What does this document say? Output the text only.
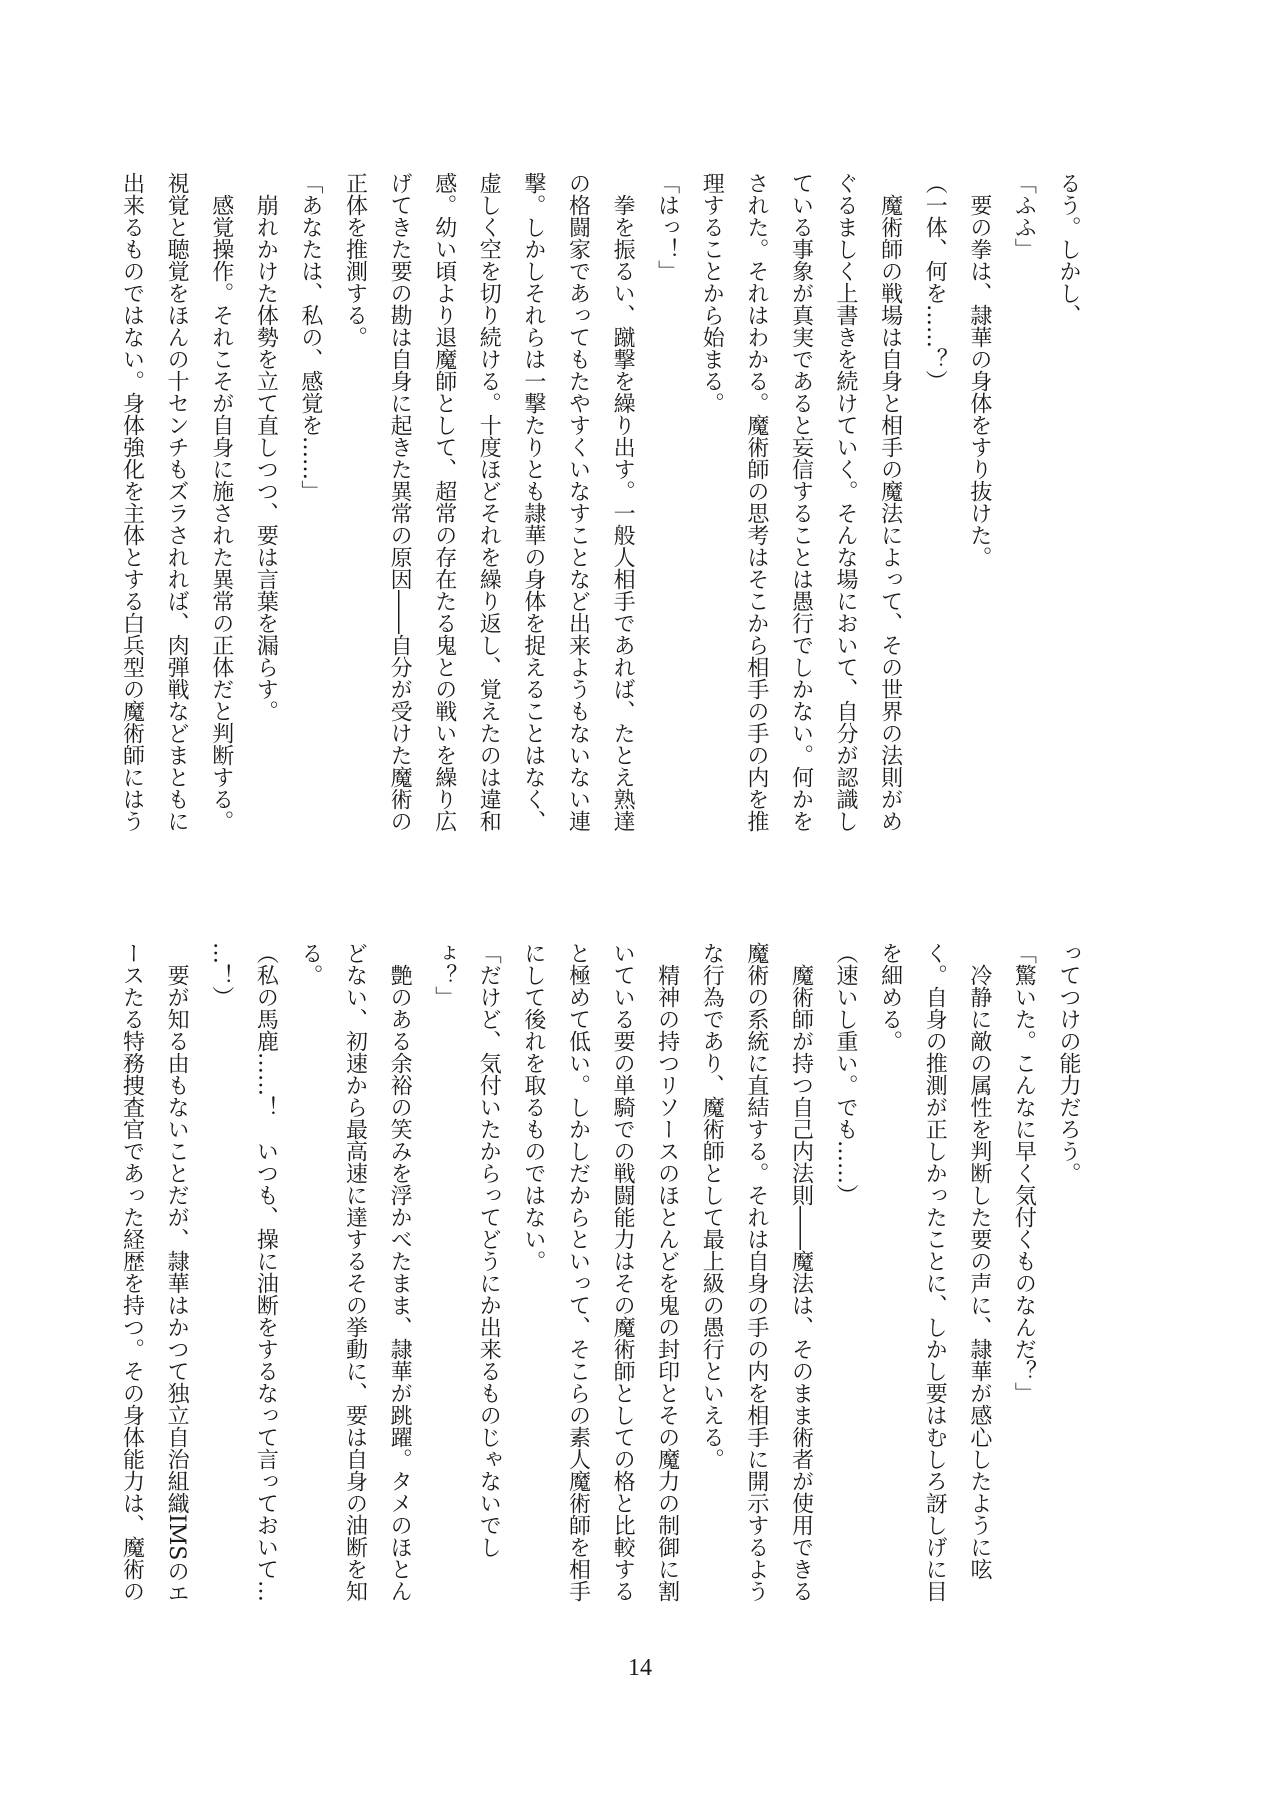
るう。しかし、
「ふふ」
　要の拳は、隷華の身体をすり抜けた。
（一体、何を……？）
　魔術師の戦場は自身と相手の魔法によって、その世界の法則がめ
ぐるましく上書きを続けていく。そんな場において、自分が認識し
ている事象が真実であると妄信することは愚行でしかない。何かを
された。それはわかる。魔術師の思考はそこから相手の手の内を推
理することから始まる。
「はっ！」
　拳を振るい、蹴撃を繰り出す。一般人相手であれば、たとえ熟達
の格闘家であってもたやすくいなすことなど出来ようもないない連
撃。しかしそれらは一撃たりとも隷華の身体を捉えることはなく、
虚しく空を切り続ける。十度ほどそれを繰り返し、覚えたのは違和
感。幼い頃より退魔師として、超常の存在たる鬼との戦いを繰り広
げてきた要の勘は自身に起きた異常の原因――自分が受けた魔術の
正体を推測する。
「あなたは、私の、感覚を……」
　崩れかけた体勢を立て直しつつ、要は言葉を漏らす。
　感覚操作。それこそが自身に施された異常の正体だと判断する。
視覚と聴覚をほんの十センチもズラされれば、肉弾戦などまともに
出来るものではない。身体強化を主体とする白兵型の魔術師にはう
ってつけの能力だろう。
「驚いた。こんなに早く気付くものなんだ？」
　冷静に敵の属性を判断した要の声に、隷華が感心したように呟
く。自身の推測が正しかったことに、しかし要はむしろ訝しげに目
を細める。
（速いし重い。でも……）
　魔術師が持つ自己内法則――魔法は、そのまま術者が使用できる
魔術の系統に直結する。それは自身の手の内を相手に開示するよう
な行為であり、魔術師として最上級の愚行といえる。
　精神の持つリソースのほとんどを鬼の封印とその魔力の制御に割
いている要の単騎での戦闘能力はその魔術師としての格と比較する
と極めて低い。しかしだからといって、そこらの素人魔術師を相手
にして後れを取るものではない。
「だけど、気付いたからってどうにか出来るものじゃないでし
ょ？」
　艶のある余裕の笑みを浮かべたまま、隷華が跳躍。タメのほとん
どない、初速から最高速に達するその挙動に、要は自身の油断を知
る。
（私の馬鹿……！　いつも、操に油断をするなって言っておいて…
…！）
　要が知る由もないことだが、隷華はかつて独立自治組織IMSのエ
ースたる特務捜査官であった経歴を持つ。その身体能力は、魔術の
14
